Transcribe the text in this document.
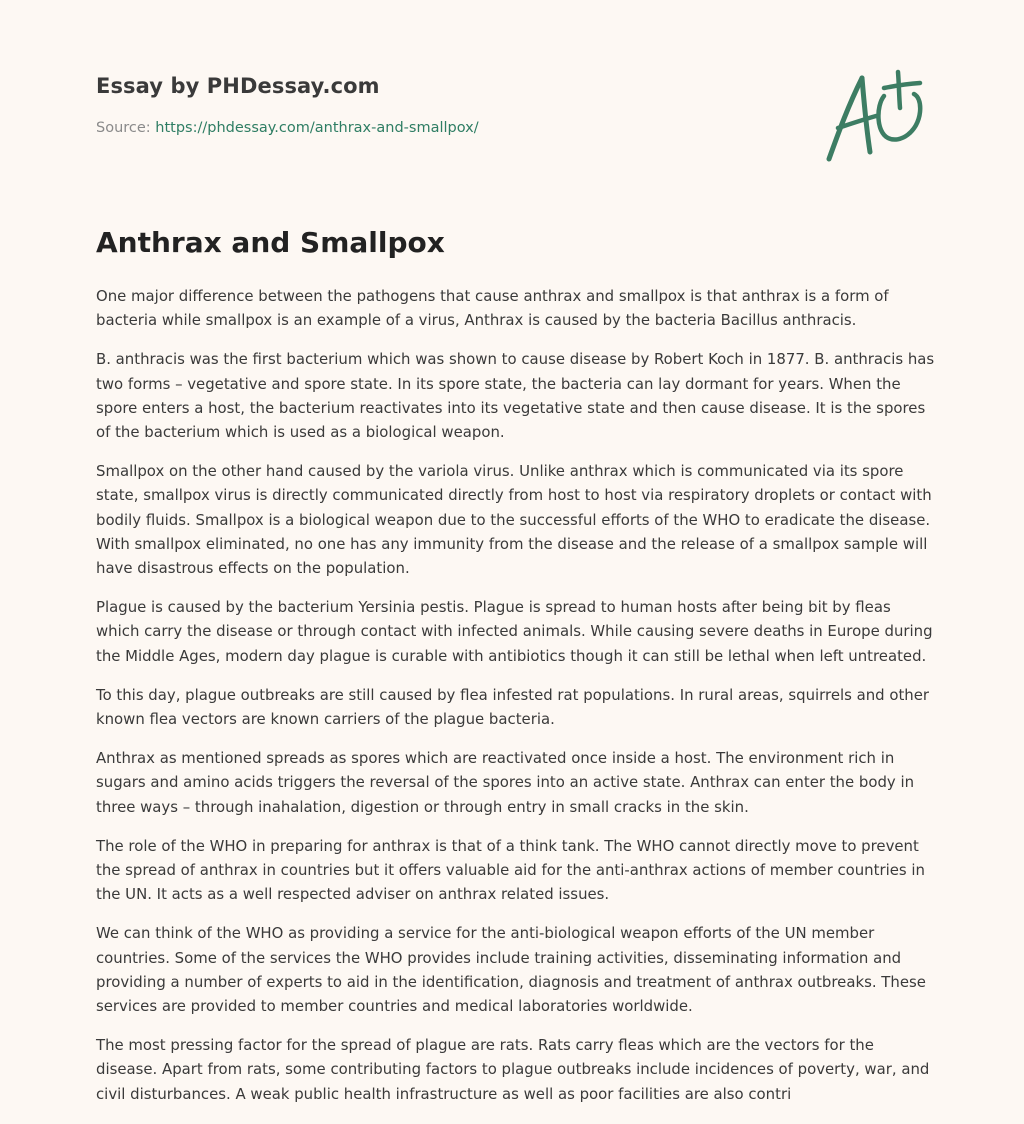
Essay by PHDessay.com
Source: https://phdessay.com/anthrax-and-smallpox/
Anthrax and Smallpox

One major difference between the pathogens that cause anthrax and smallpox is that anthrax is a form of bacteria while smallpox is an example of a virus, Anthrax is caused by the bacteria Bacillus anthracis.

B. anthracis was the first bacterium which was shown to cause disease by Robert Koch in 1877. B. anthracis has two forms – vegetative and spore state. In its spore state, the bacteria can lay dormant for years. When the spore enters a host, the bacterium reactivates into its vegetative state and then cause disease. It is the spores of the bacterium which is used as a biological weapon.

Smallpox on the other hand caused by the variola virus. Unlike anthrax which is communicated via its spore state, smallpox virus is directly communicated directly from host to host via respiratory droplets or contact with bodily fluids. Smallpox is a biological weapon due to the successful efforts of the WHO to eradicate the disease. With smallpox eliminated, no one has any immunity from the disease and the release of a smallpox sample will have disastrous effects on the population.

Plague is caused by the bacterium Yersinia pestis. Plague is spread to human hosts after being bit by fleas which carry the disease or through contact with infected animals. While causing severe deaths in Europe during the Middle Ages, modern day plague is curable with antibiotics though it can still be lethal when left untreated.

To this day, plague outbreaks are still caused by flea infested rat populations. In rural areas, squirrels and other known flea vectors are known carriers of the plague bacteria.

Anthrax as mentioned spreads as spores which are reactivated once inside a host. The environment rich in sugars and amino acids triggers the reversal of the spores into an active state. Anthrax can enter the body in three ways – through inahalation, digestion or through entry in small cracks in the skin.

The role of the WHO in preparing for anthrax is that of a think tank. The WHO cannot directly move to prevent the spread of anthrax in countries but it offers valuable aid for the anti-anthrax actions of member countries in the UN. It acts as a well respected adviser on anthrax related issues.

We can think of the WHO as providing a service for the anti-biological weapon efforts of the UN member countries. Some of the services the WHO provides include training activities, disseminating information and providing a number of experts to aid in the identification, diagnosis and treatment of anthrax outbreaks. These services are provided to member countries and medical laboratories worldwide.

The most pressing factor for the spread of plague are rats. Rats carry fleas which are the vectors for the disease. Apart from rats, some contributing factors to plague outbreaks include incidences of poverty, war, and civil disturbances. A weak public health infrastructure as well as poor facilities are also contri
